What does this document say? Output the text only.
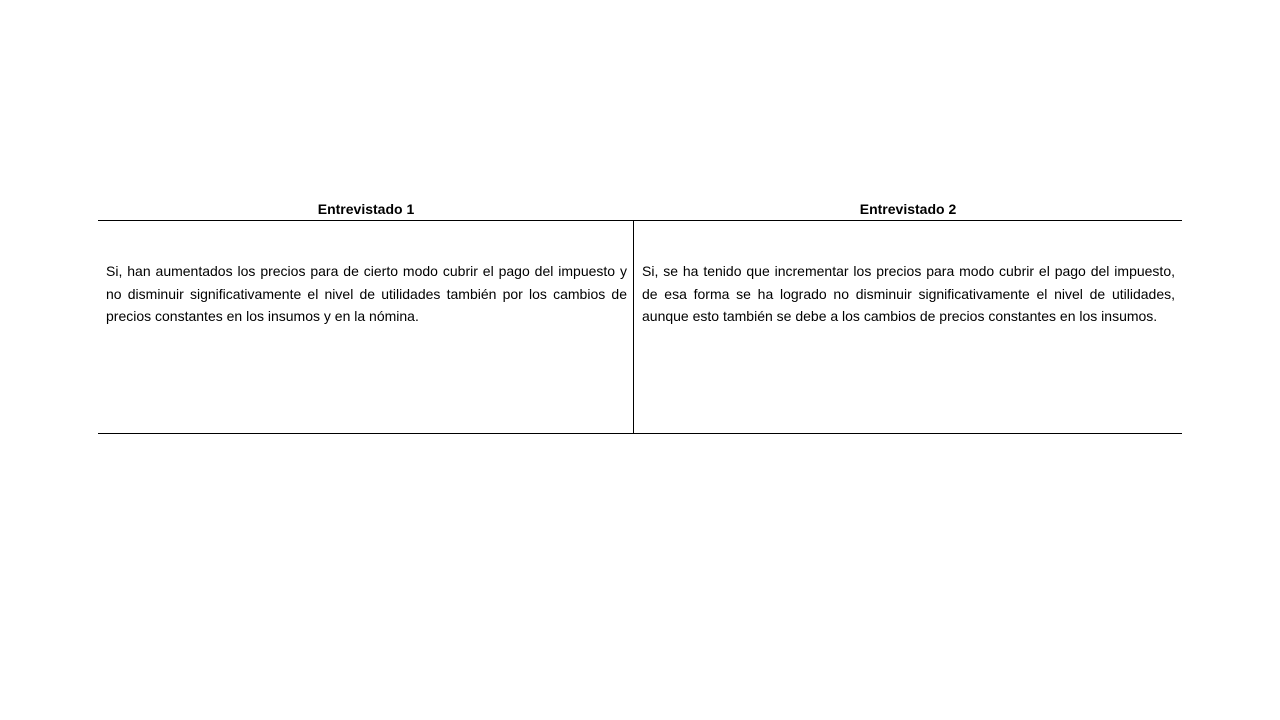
Entrevistado 1	Entrevistado 2
Si, han aumentados los precios para de cierto modo cubrir el pago del impuesto y no disminuir significativamente el nivel de utilidades también por los cambios de precios constantes en los insumos y en la nómina.
Si, se ha tenido que incrementar los precios para modo cubrir el pago del impuesto, de esa forma se ha logrado no disminuir significativamente el nivel de utilidades, aunque esto también se debe a los cambios de precios constantes en los insumos.
